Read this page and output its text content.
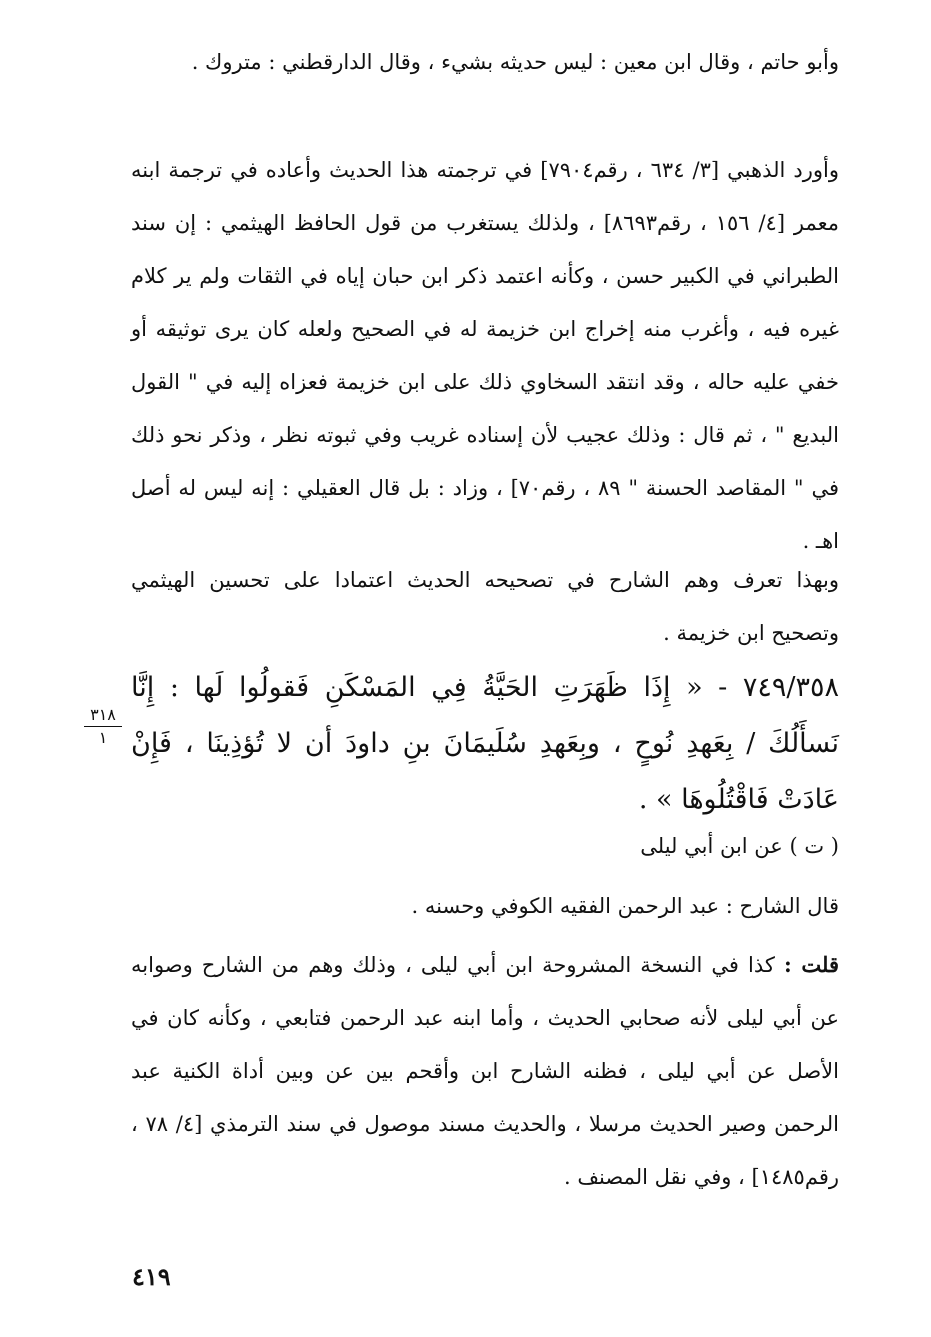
وأبو حاتم ، وقال ابن معين : ليس حديثه بشيء ، وقال الدارقطني : متروك .
وأورد الذهبي [٣/ ٦٣٤ ، رقم٧٩٠٤] في ترجمته هذا الحديث وأعاده في ترجمة ابنه معمر [٤/ ١٥٦ ، رقم٨٦٩٣] ، ولذلك يستغرب من قول الحافظ الهيثمي : إن سند الطبراني في الكبير حسن ، وكأنه اعتمد ذكر ابن حبان إياه في الثقات ولم ير كلام غيره فيه ، وأغرب منه إخراج ابن خزيمة له في الصحيح ولعله كان يرى توثيقه أو خفي عليه حاله ، وقد انتقد السخاوي ذلك على ابن خزيمة فعزاه إليه في " القول البديع " ، ثم قال : وذلك عجيب لأن إسناده غريب وفي ثبوته نظر ، وذكر نحو ذلك في " المقاصد الحسنة " ٨٩ ، رقم٧٠] ، وزاد : بل قال العقيلي : إنه ليس له أصل اهـ .
وبهذا تعرف وهم الشارح في تصحيحه الحديث اعتمادا على تحسين الهيثمي وتصحيح ابن خزيمة .
٧٤٩/٣٥٨ - « إِذَا ظَهَرَتِ الحَيَّةُ فِي المَسْكَنِ فَقولُوا لَها : إِنَّا نَسأَلُكَ / بِعَهدِ نُوحٍ ، وبِعَهدِ سُلَيمَانَ بنِ داودَ أن لا تُؤذِينَا ، فَإِنْ عَادَتْ فَاقْتُلُوهَا » .
٣١٨
١
( ت ) عن ابن أبي ليلى
قال الشارح : عبد الرحمن الفقيه الكوفي وحسنه .
قلت : كذا في النسخة المشروحة ابن أبي ليلى ، وذلك وهم من الشارح وصوابه عن أبي ليلى لأنه صحابي الحديث ، وأما ابنه عبد الرحمن فتابعي ، وكأنه كان في الأصل عن أبي ليلى ، فظنه الشارح ابن وأقحم بين عن وبين أداة الكنية عبد الرحمن وصير الحديث مرسلا ، والحديث مسند موصول في سند الترمذي [٤/ ٧٨ ، رقم١٤٨٥] ، وفي نقل المصنف .
٤١٩
